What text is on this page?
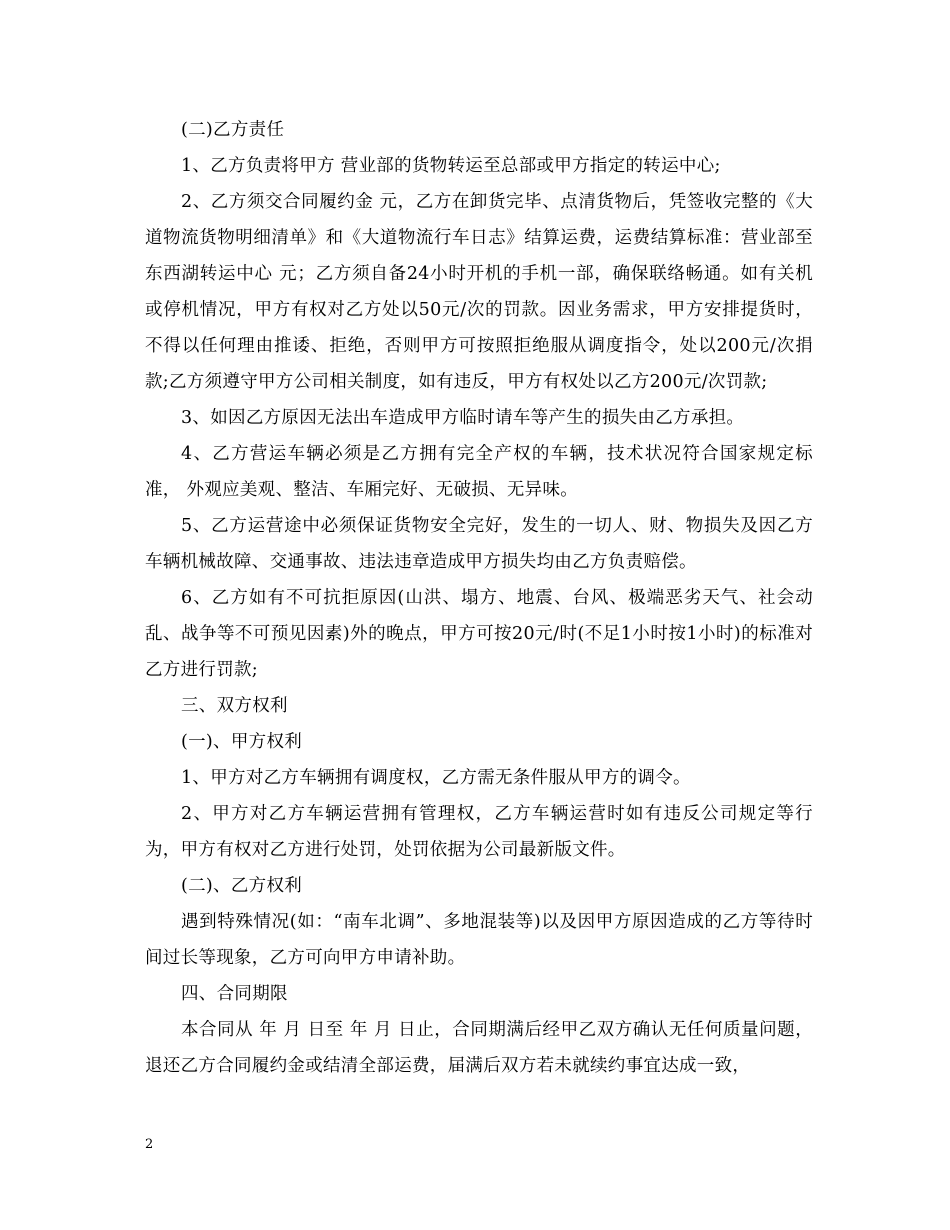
(二)乙方责任

1、乙方负责将甲方 营业部的货物转运至总部或甲方指定的转运中心;

2、乙方须交合同履约金 元，乙方在卸货完毕、点清货物后，凭签收完整的《大道物流货物明细清单》和《大道物流行车日志》结算运费，运费结算标准：营业部至东西湖转运中心 元；乙方须自备24小时开机的手机一部，确保联络畅通。如有关机或停机情况，甲方有权对乙方处以50元/次的罚款。因业务需求，甲方安排提货时，不得以任何理由推诿、拒绝，否则甲方可按照拒绝服从调度指令，处以200元/次捐款;乙方须遵守甲方公司相关制度，如有违反，甲方有权处以乙方200元/次罚款;

3、如因乙方原因无法出车造成甲方临时请车等产生的损失由乙方承担。

4、乙方营运车辆必须是乙方拥有完全产权的车辆，技术状况符合国家规定标准， 外观应美观、整洁、车厢完好、无破损、无异味。

5、乙方运营途中必须保证货物安全完好，发生的一切人、财、物损失及因乙方车辆机械故障、交通事故、违法违章造成甲方损失均由乙方负责赔偿。

6、乙方如有不可抗拒原因(山洪、塌方、地震、台风、极端恶劣天气、社会动乱、战争等不可预见因素)外的晚点，甲方可按20元/时(不足1小时按1小时)的标准对乙方进行罚款;

三、双方权利

(一)、甲方权利

1、甲方对乙方车辆拥有调度权，乙方需无条件服从甲方的调令。

2、甲方对乙方车辆运营拥有管理权，乙方车辆运营时如有违反公司规定等行为，甲方有权对乙方进行处罚，处罚依据为公司最新版文件。

(二)、乙方权利

遇到特殊情况(如：“南车北调”、多地混装等)以及因甲方原因造成的乙方等待时间过长等现象，乙方可向甲方申请补助。

四、合同期限

本合同从 年 月 日至 年 月 日止，合同期满后经甲乙双方确认无任何质量问题，退还乙方合同履约金或结清全部运费，届满后双方若未就续约事宜达成一致，

2
